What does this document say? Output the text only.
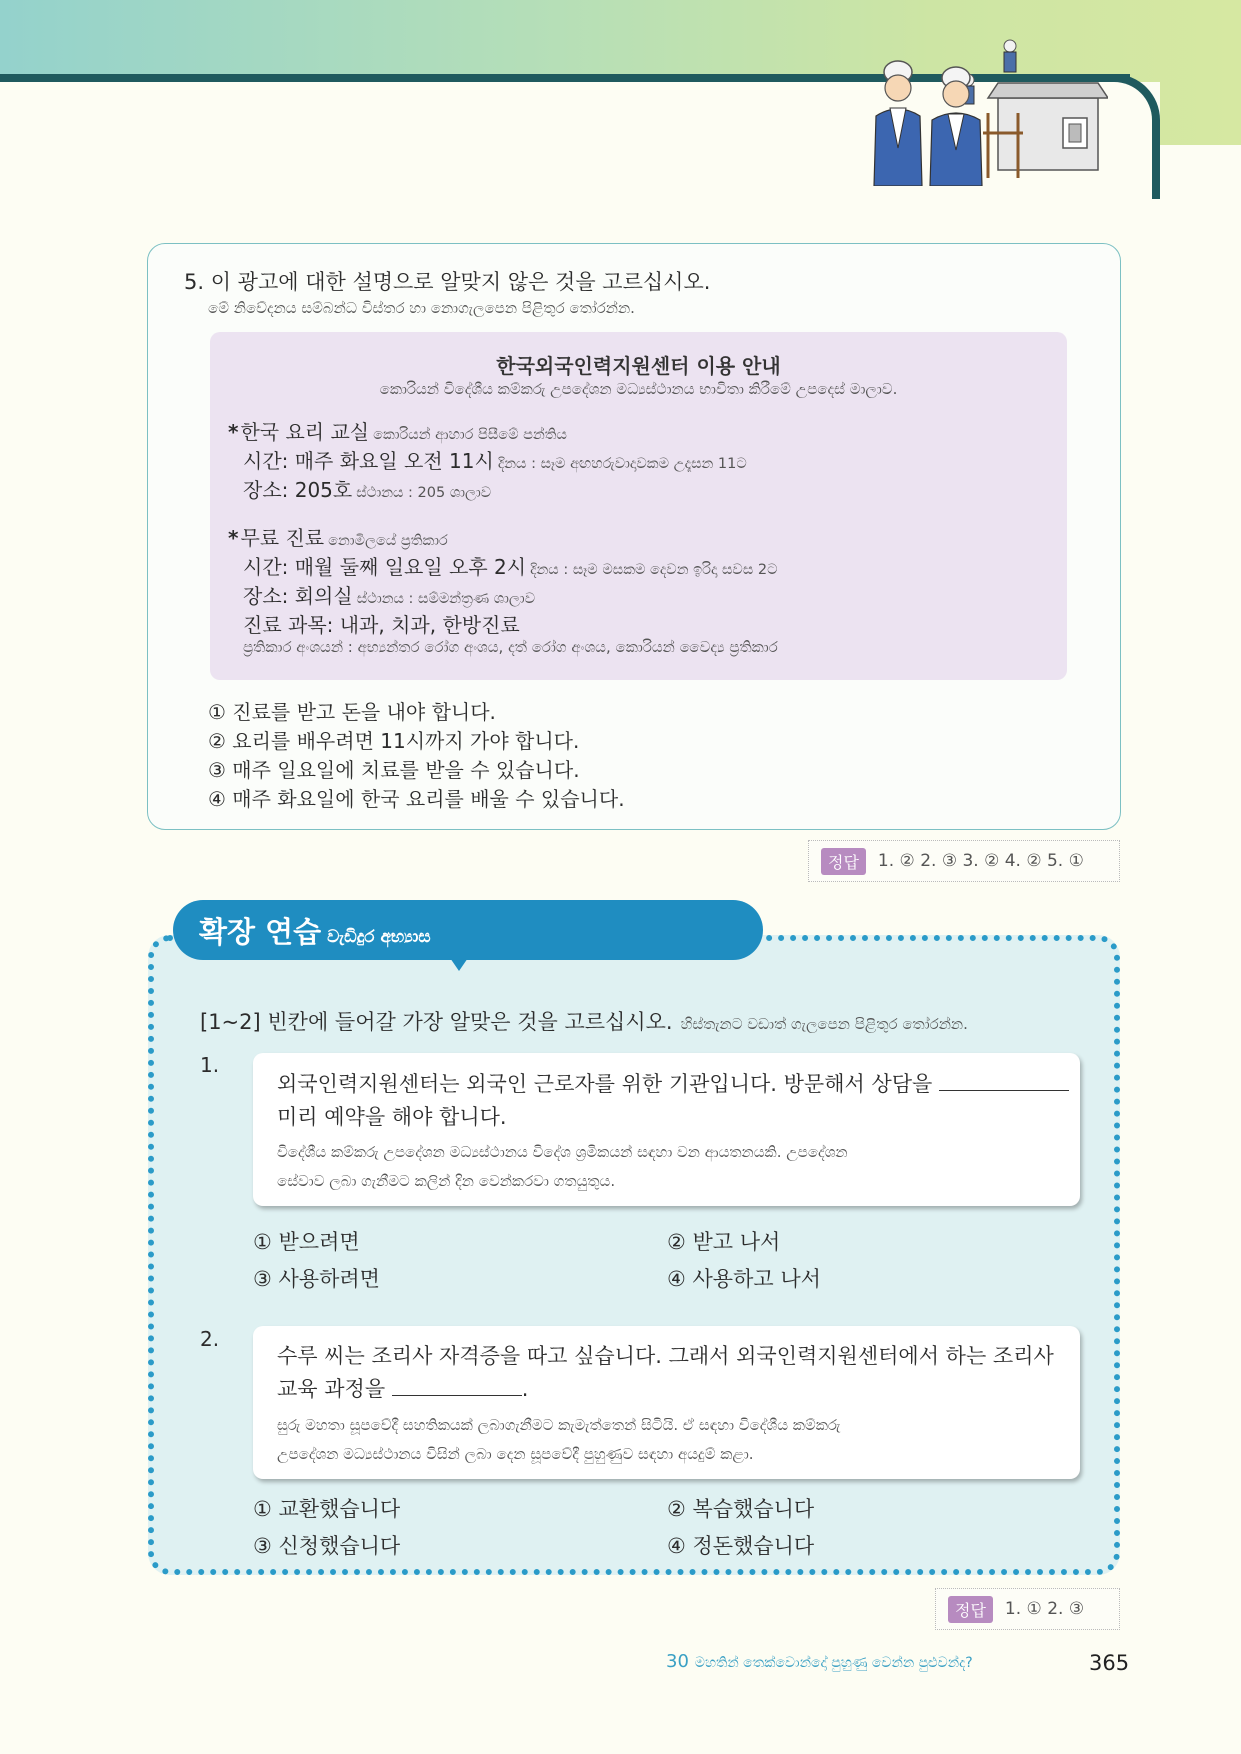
5. 이 광고에 대한 설명으로 알맞지 않은 것을 고르십시오.
මේ නිවේදනය සම්බන්ධ විස්තර හා නොගැලපෙන පිළිතුර තෝරන්න.
한국외국인력지원센터 이용 안내
කොරියන් විදේශීය කම්කරු උපදේශන මධ්‍යස්ථානය භාවිතා කිරීමේ උපදෙස් මාලාව.
* 한국 요리 교실 කොරියන් ආහාර පිසීමේ පන්තිය
시간: 매주 화요일 오전 11시 දිනය : සෑම අඟහරුවාදාවකම උදෑසන 11ට
장소: 205호 ස්ථානය : 205 ශාලාව
* 무료 진료 නොමිලයේ ප්‍රතිකාර
시간: 매월 둘째 일요일 오후 2시 දිනය : සෑම මසකම දෙවන ඉරිදා සවස 2ට
장소: 회의실 ස්ථානය : සම්මන්ත්‍රණ ශාලාව
진료 과목: 내과, 치과, 한방진료
ප්‍රතිකාර අංශයන් : අභ්‍යන්තර රෝග අංශය, දත් රෝග අංශය, කොරියන් වෛද්‍ය ප්‍රතිකාර
① 진료를 받고 돈을 내야 합니다.
② 요리를 배우려면 11시까지 가야 합니다.
③ 매주 일요일에 치료를 받을 수 있습니다.
④ 매주 화요일에 한국 요리를 배울 수 있습니다.
정답	1. ② 2. ③ 3. ② 4. ② 5. ①
확장 연습 වැඩිදුර අභ්‍යාස
[1~2] 빈칸에 들어갈 가장 알맞은 것을 고르십시오. හිස්තැනට වඩාත් ගැලපෙන පිළිතුර තෝරන්න.
1.
외국인력지원센터는 외국인 근로자를 위한 기관입니다. 방문해서 상담을
미리 예약을 해야 합니다.
විදේශීය කම්කරු උපදේශන මධ්‍යස්ථානය විදේශ ශ්‍රමිකයන් සඳහා වන ආයතනයකි. උපදේශන
සේවාව ලබා ගැනීමට කලින් දින වෙන්කරවා ගතයුතුය.
① 받으려면	② 받고 나서
③ 사용하려면	④ 사용하고 나서
2.
수루 씨는 조리사 자격증을 따고 싶습니다. 그래서 외국인력지원센터에서 하는 조리사
교육 과정을	.
සුරු මහතා සූපවේදී සහතිකයක් ලබාගැනීමට කැමැත්තෙන් සිටියි. ඒ සඳහා විදේශීය කම්කරු
උපදේශන මධ්‍යස්ථානය විසින් ලබා දෙන සූපවේදී පුහුණුව සඳහා අයදුම් කළා.
① 교환했습니다	② 복습했습니다
③ 신청했습니다	④ 정돈했습니다
정답	1. ① 2. ③
30 මහතින් තෙක්වොන්දෝ පුහුණු වෙන්න පුළුවන්ද?	365
